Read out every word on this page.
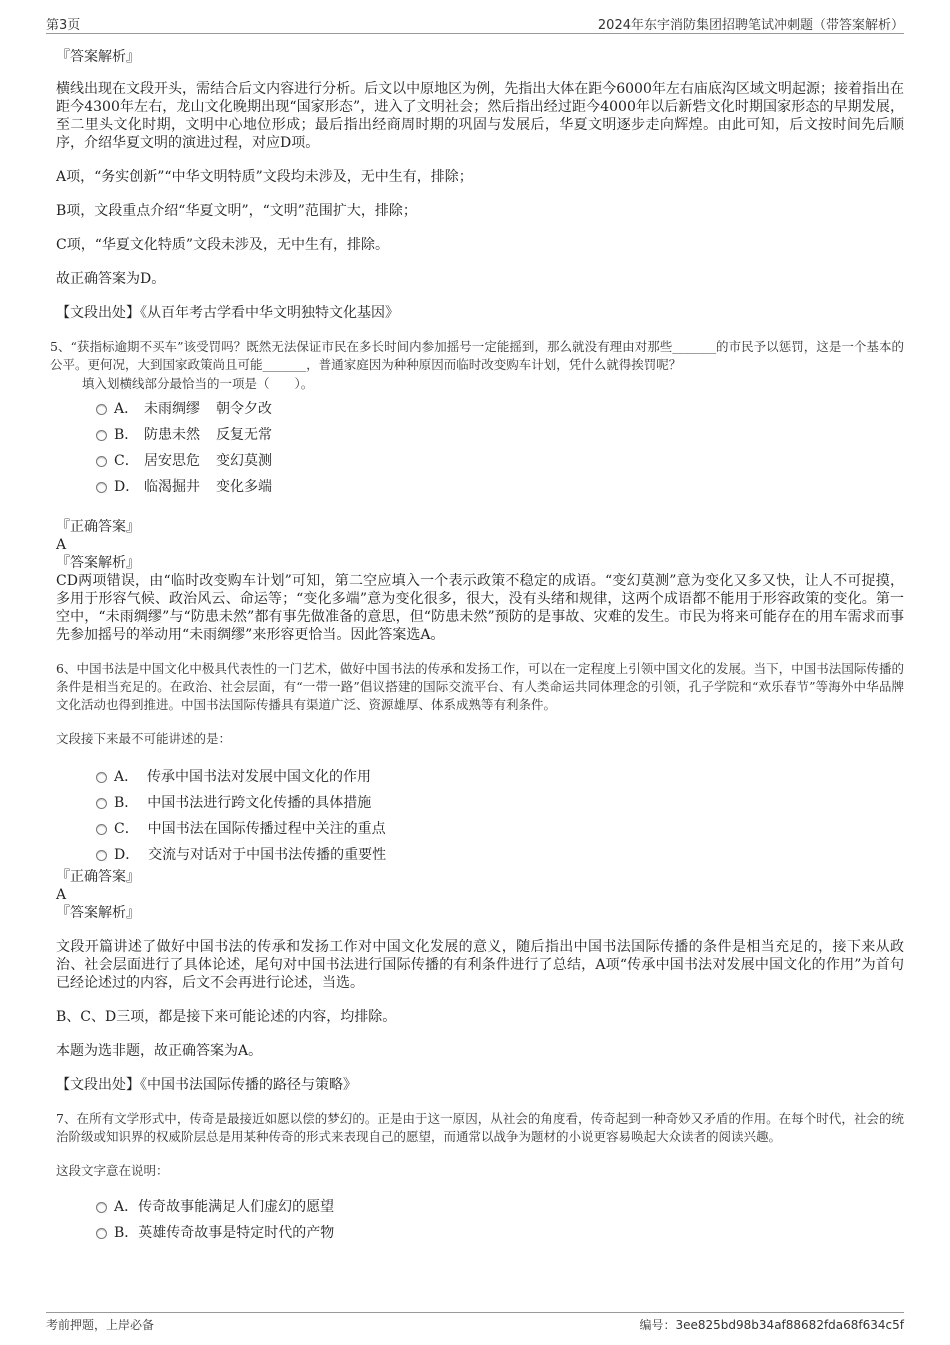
第3页	2024年东宇消防集团招聘笔试冲刺题（带答案解析）

『答案解析』

横线出现在文段开头，需结合后文内容进行分析。后文以中原地区为例，先指出大体在距今6000年左右庙底沟区域文明起源；接着指出在距今4300年左右，龙山文化晚期出现“国家形态”，进入了文明社会；然后指出经过距今4000年以后新砦文化时期国家形态的早期发展，至二里头文化时期，文明中心地位形成；最后指出经商周时期的巩固与发展后，华夏文明逐步走向辉煌。由此可知，后文按时间先后顺序，介绍华夏文明的演进过程，对应D项。

A项，“务实创新”“中华文明特质”文段均未涉及，无中生有，排除；

B项，文段重点介绍“华夏文明”，“文明”范围扩大，排除；

C项，“华夏文化特质”文段未涉及，无中生有，排除。

故正确答案为D。

【文段出处】《从百年考古学看中华文明独特文化基因》

5、“获指标逾期不买车”该受罚吗？既然无法保证市民在多长时间内参加摇号一定能摇到，那么就没有理由对那些_______的市民予以惩罚，这是一个基本的公平。更何况，大到国家政策尚且可能_______，普通家庭因为种种原因而临时改变购车计划，凭什么就得挨罚呢？

填入划横线部分最恰当的一项是（　　）。

A． 未雨绸缪 朝令夕改
B． 防患未然 反复无常
C． 居安思危 变幻莫测
D． 临渴掘井 变化多端

『正确答案』

A

『答案解析』

CD两项错误，由“临时改变购车计划”可知，第二空应填入一个表示政策不稳定的成语。“变幻莫测”意为变化又多又快，让人不可捉摸，多用于形容气候、政治风云、命运等；“变化多端”意为变化很多，很大，没有头绪和规律，这两个成语都不能用于形容政策的变化。第一空中，“未雨绸缪”与“防患未然”都有事先做准备的意思，但“防患未然”预防的是事故、灾难的发生。市民为将来可能存在的用车需求而事先参加摇号的举动用“未雨绸缪”来形容更恰当。因此答案选A。

6、中国书法是中国文化中极具代表性的一门艺术，做好中国书法的传承和发扬工作，可以在一定程度上引领中国文化的发展。当下，中国书法国际传播的条件是相当充足的。在政治、社会层面，有“一带一路”倡议搭建的国际交流平台、有人类命运共同体理念的引领，孔子学院和“欢乐春节”等海外中华品牌文化活动也得到推进。中国书法国际传播具有渠道广泛、资源雄厚、体系成熟等有利条件。

文段接下来最不可能讲述的是：

A． 传承中国书法对发展中国文化的作用
B． 中国书法进行跨文化传播的具体措施
C． 中国书法在国际传播过程中关注的重点
D． 交流与对话对于中国书法传播的重要性

『正确答案』

A

『答案解析』

文段开篇讲述了做好中国书法的传承和发扬工作对中国文化发展的意义，随后指出中国书法国际传播的条件是相当充足的，接下来从政治、社会层面进行了具体论述，尾句对中国书法进行国际传播的有利条件进行了总结，A项“传承中国书法对发展中国文化的作用”为首句已经论述过的内容，后文不会再进行论述，当选。

B、C、D三项，都是接下来可能论述的内容，均排除。

本题为选非题，故正确答案为A。

【文段出处】《中国书法国际传播的路径与策略》

7、在所有文学形式中，传奇是最接近如愿以偿的梦幻的。正是由于这一原因，从社会的角度看，传奇起到一种奇妙又矛盾的作用。在每个时代，社会的统治阶级或知识界的权威阶层总是用某种传奇的形式来表现自己的愿望，而通常以战争为题材的小说更容易唤起大众读者的阅读兴趣。

这段文字意在说明：

A．传奇故事能满足人们虚幻的愿望
B．英雄传奇故事是特定时代的产物
考前押题，上岸必备	编号：3ee825bd98b34af88682fda68f634c5f
